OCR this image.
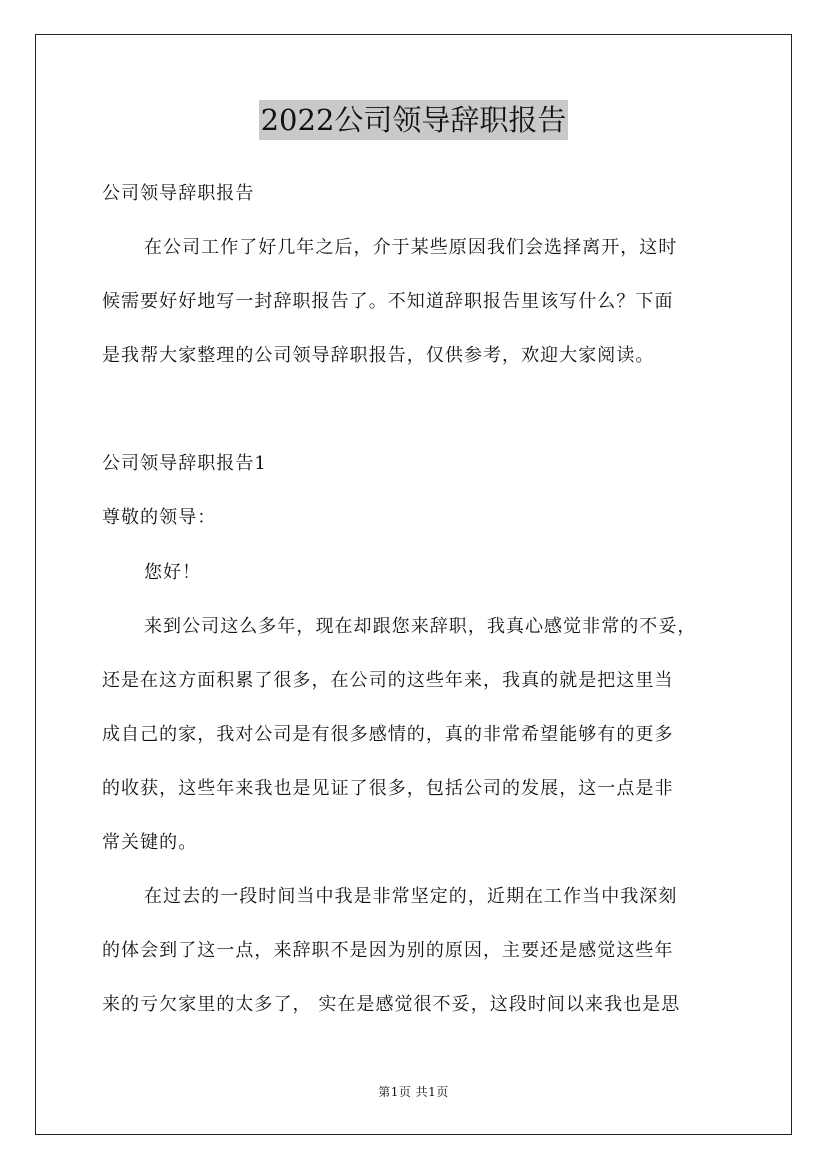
2022公司领导辞职报告
公司领导辞职报告
在公司工作了好几年之后，介于某些原因我们会选择离开，这时
候需要好好地写一封辞职报告了。不知道辞职报告里该写什么？下面
是我帮大家整理的公司领导辞职报告，仅供参考，欢迎大家阅读。
公司领导辞职报告1
尊敬的领导：
您好！
来到公司这么多年，现在却跟您来辞职，我真心感觉非常的不妥，
还是在这方面积累了很多，在公司的这些年来，我真的就是把这里当
成自己的家，我对公司是有很多感情的，真的非常希望能够有的更多
的收获，这些年来我也是见证了很多，包括公司的发展，这一点是非
常关键的。
在过去的一段时间当中我是非常坚定的，近期在工作当中我深刻
的体会到了这一点，来辞职不是因为别的原因，主要还是感觉这些年
来的亏欠家里的太多了， 实在是感觉很不妥，这段时间以来我也是思
第1页 共1页
